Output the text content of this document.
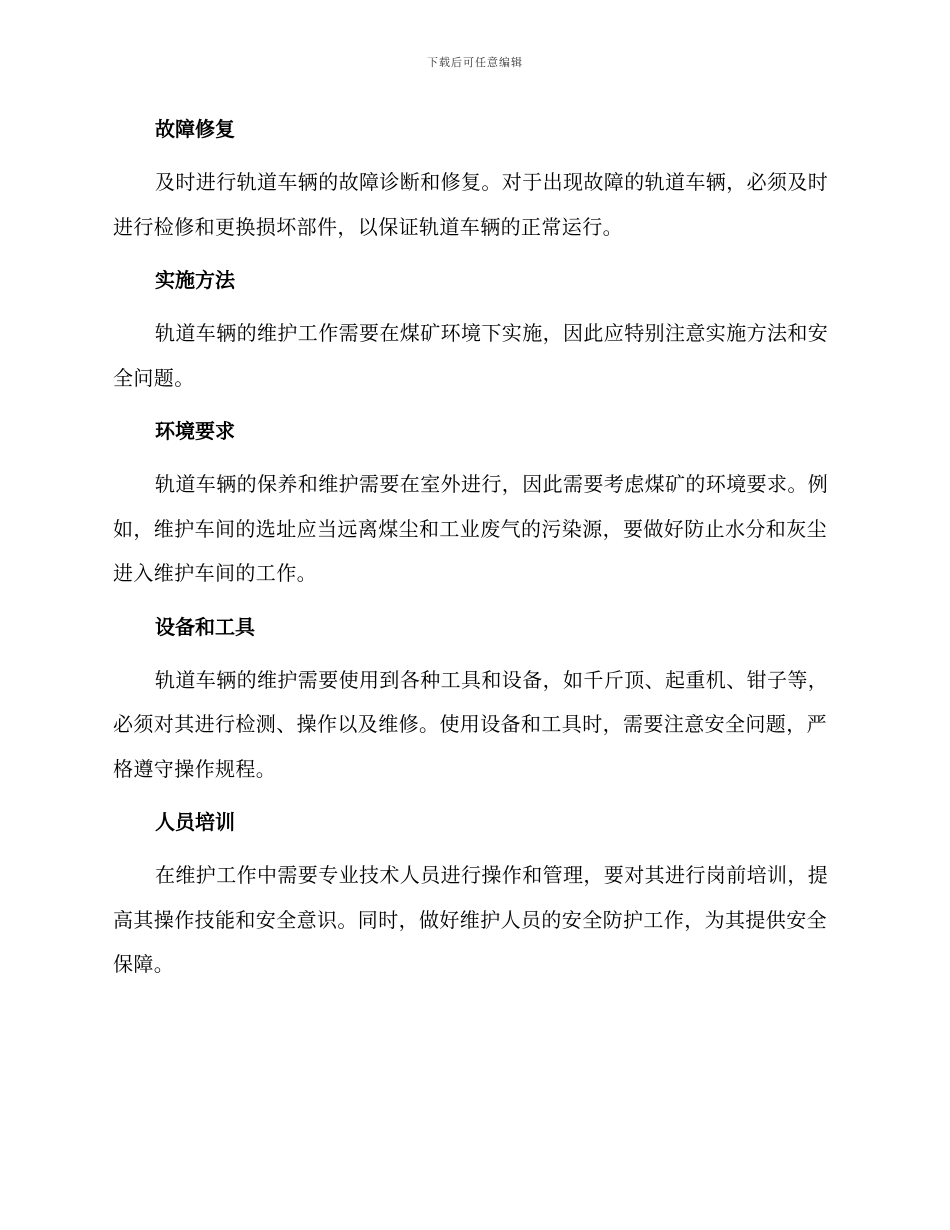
下载后可任意编辑
故障修复

及时进行轨道车辆的故障诊断和修复。对于出现故障的轨道车辆，必须及时进行检修和更换损坏部件，以保证轨道车辆的正常运行。

实施方法

轨道车辆的维护工作需要在煤矿环境下实施，因此应特别注意实施方法和安全问题。

环境要求

轨道车辆的保养和维护需要在室外进行，因此需要考虑煤矿的环境要求。例如，维护车间的选址应当远离煤尘和工业废气的污染源，要做好防止水分和灰尘进入维护车间的工作。

设备和工具

轨道车辆的维护需要使用到各种工具和设备，如千斤顶、起重机、钳子等，必须对其进行检测、操作以及维修。使用设备和工具时，需要注意安全问题，严格遵守操作规程。

人员培训

在维护工作中需要专业技术人员进行操作和管理，要对其进行岗前培训，提高其操作技能和安全意识。同时，做好维护人员的安全防护工作，为其提供安全保障。
